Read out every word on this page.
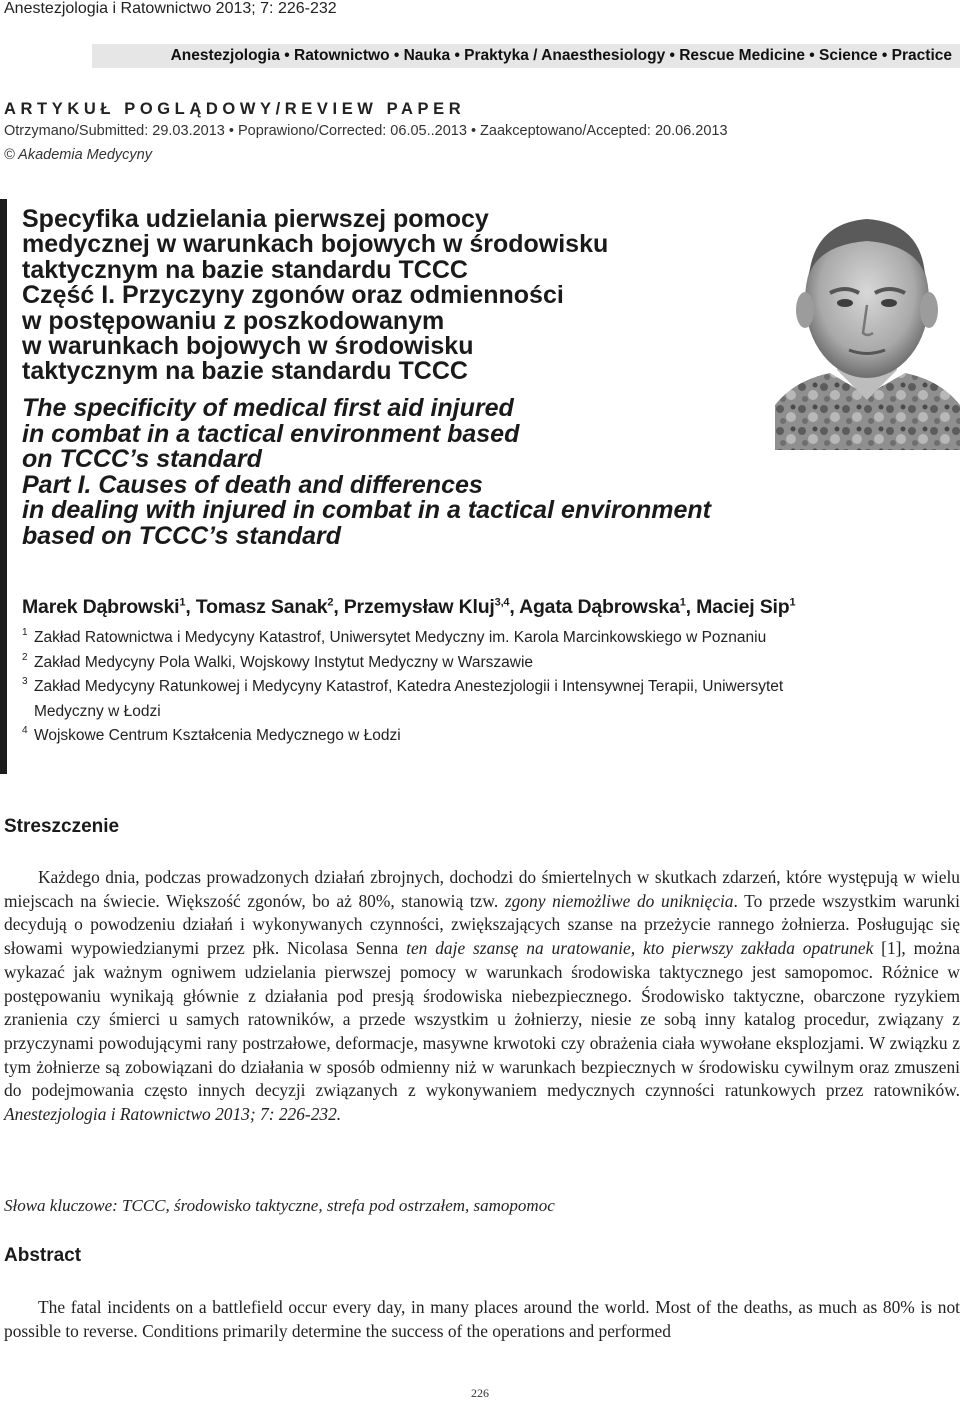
Anestezjologia i Ratownictwo 2013; 7: 226-232
Anestezjologia • Ratownictwo • Nauka • Praktyka / Anaesthesiology • Rescue Medicine • Science • Practice
ARTYKUŁ POGLĄDOWY/REVIEW PAPER
Otrzymano/Submitted: 29.03.2013 • Poprawiono/Corrected: 06.05..2013 • Zaakceptowano/Accepted: 20.06.2013
© Akademia Medycyny
Specyfika udzielania pierwszej pomocy
medycznej w warunkach bojowych w środowisku
taktycznym na bazie standardu TCCC
Część I. Przyczyny zgonów oraz odmienności
w postępowaniu z poszkodowanym
w warunkach bojowych w środowisku
taktycznym na bazie standardu TCCC
The specificity of medical first aid injured
in combat in a tactical environment based
on TCCC’s standard
Part I. Causes of death and differences
in dealing with injured in combat in a tactical environment
based on TCCC’s standard
Marek Dąbrowski$^1$, Tomasz Sanak$^2$, Przemysław Kluj$^{3,4}$, Agata Dąbrowska$^1$, Maciej Sip$^1$
1 Zakład Ratownictwa i Medycyny Katastrof, Uniwersytet Medyczny im. Karola Marcinkowskiego w Poznaniu
2 Zakład Medycyny Pola Walki, Wojskowy Instytut Medyczny w Warszawie
3 Zakład Medycyny Ratunkowej i Medycyny Katastrof, Katedra Anestezjologii i Intensywnej Terapii, Uniwersytet
Medyczny w Łodzi
4 Wojskowe Centrum Kształcenia Medycznego w Łodzi
Streszczenie

Każdego dnia, podczas prowadzonych działań zbrojnych, dochodzi do śmiertelnych w skutkach zdarzeń, które występują w wielu miejscach na świecie. Większość zgonów, bo aż 80%, stanowią tzw. zgony niemożliwe do uniknięcia. To przede wszystkim warunki decydują o powodzeniu działań i wykonywanych czynności, zwiększających szanse na przeżycie rannego żołnierza. Posługując się słowami wypowiedzianymi przez płk. Nicolasa Senna ten daje szansę na uratowanie, kto pierwszy zakłada opatrunek [1], można wykazać jak ważnym ogniwem udzielania pierwszej pomocy w warunkach środowiska taktycznego jest samopomoc. Różnice w postępowaniu wynikają głównie z działania pod presją środowiska niebezpiecznego. Środowisko taktyczne, obarczone ryzykiem zranienia czy śmierci u samych ratowników, a przede wszystkim u żołnierzy, niesie ze sobą inny katalog procedur, związany z przyczynami powodującymi rany postrzałowe, deformacje, masywne krwotoki czy obrażenia ciała wywołane eksplozjami. W związku z tym żołnierze są zobowiązani do działania w sposób odmienny niż w warunkach bezpiecznych w środowisku cywilnym oraz zmuszeni do podejmowania często innych decyzji związanych z wykonywaniem medycznych czynności ratunkowych przez ratowników. Anestezjologia i Ratownictwo 2013; 7: 226-232.

Słowa kluczowe: TCCC, środowisko taktyczne, strefa pod ostrzałem, samopomoc
Abstract

The fatal incidents on a battlefield occur every day, in many places around the world. Most of the deaths, as much as 80% is not possible to reverse. Conditions primarily determine the success of the operations and performed

226
